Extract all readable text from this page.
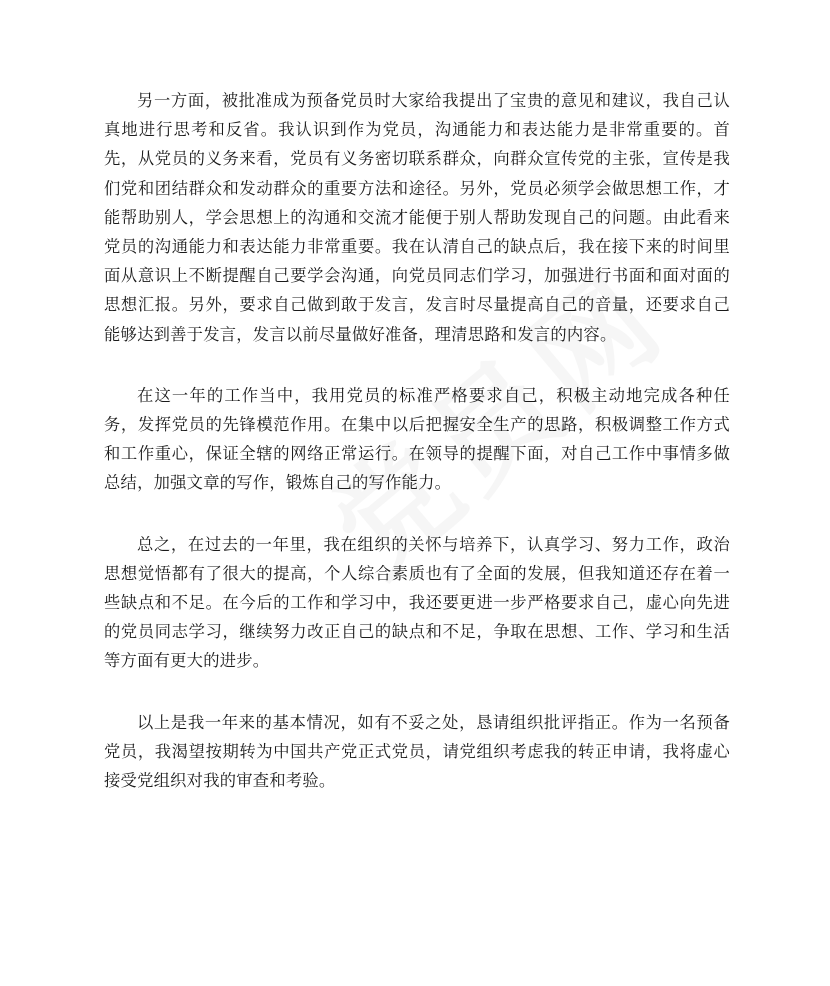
另一方面，被批准成为预备党员时大家给我提出了宝贵的意见和建议，我自己认真地进行思考和反省。我认识到作为党员，沟通能力和表达能力是非常重要的。首先，从党员的义务来看，党员有义务密切联系群众，向群众宣传党的主张，宣传是我们党和团结群众和发动群众的重要方法和途径。另外，党员必须学会做思想工作，才能帮助别人，学会思想上的沟通和交流才能便于别人帮助发现自己的问题。由此看来党员的沟通能力和表达能力非常重要。我在认清自己的缺点后，我在接下来的时间里面从意识上不断提醒自己要学会沟通，向党员同志们学习，加强进行书面和面对面的思想汇报。另外，要求自己做到敢于发言，发言时尽量提高自己的音量，还要求自己能够达到善于发言，发言以前尽量做好准备，理清思路和发言的内容。

在这一年的工作当中，我用党员的标准严格要求自己，积极主动地完成各种任务，发挥党员的先锋模范作用。在集中以后把握安全生产的思路，积极调整工作方式和工作重心，保证全辖的网络正常运行。在领导的提醒下面，对自己工作中事情多做总结，加强文章的写作，锻炼自己的写作能力。

总之，在过去的一年里，我在组织的关怀与培养下，认真学习、努力工作，政治思想觉悟都有了很大的提高，个人综合素质也有了全面的发展，但我知道还存在着一些缺点和不足。在今后的工作和学习中，我还要更进一步严格要求自己，虚心向先进的党员同志学习，继续努力改正自己的缺点和不足，争取在思想、工作、学习和生活等方面有更大的进步。

以上是我一年来的基本情况，如有不妥之处，恳请组织批评指正。作为一名预备党员，我渴望按期转为中国共产党正式党员，请党组织考虑我的转正申请，我将虚心接受党组织对我的审查和考验。
